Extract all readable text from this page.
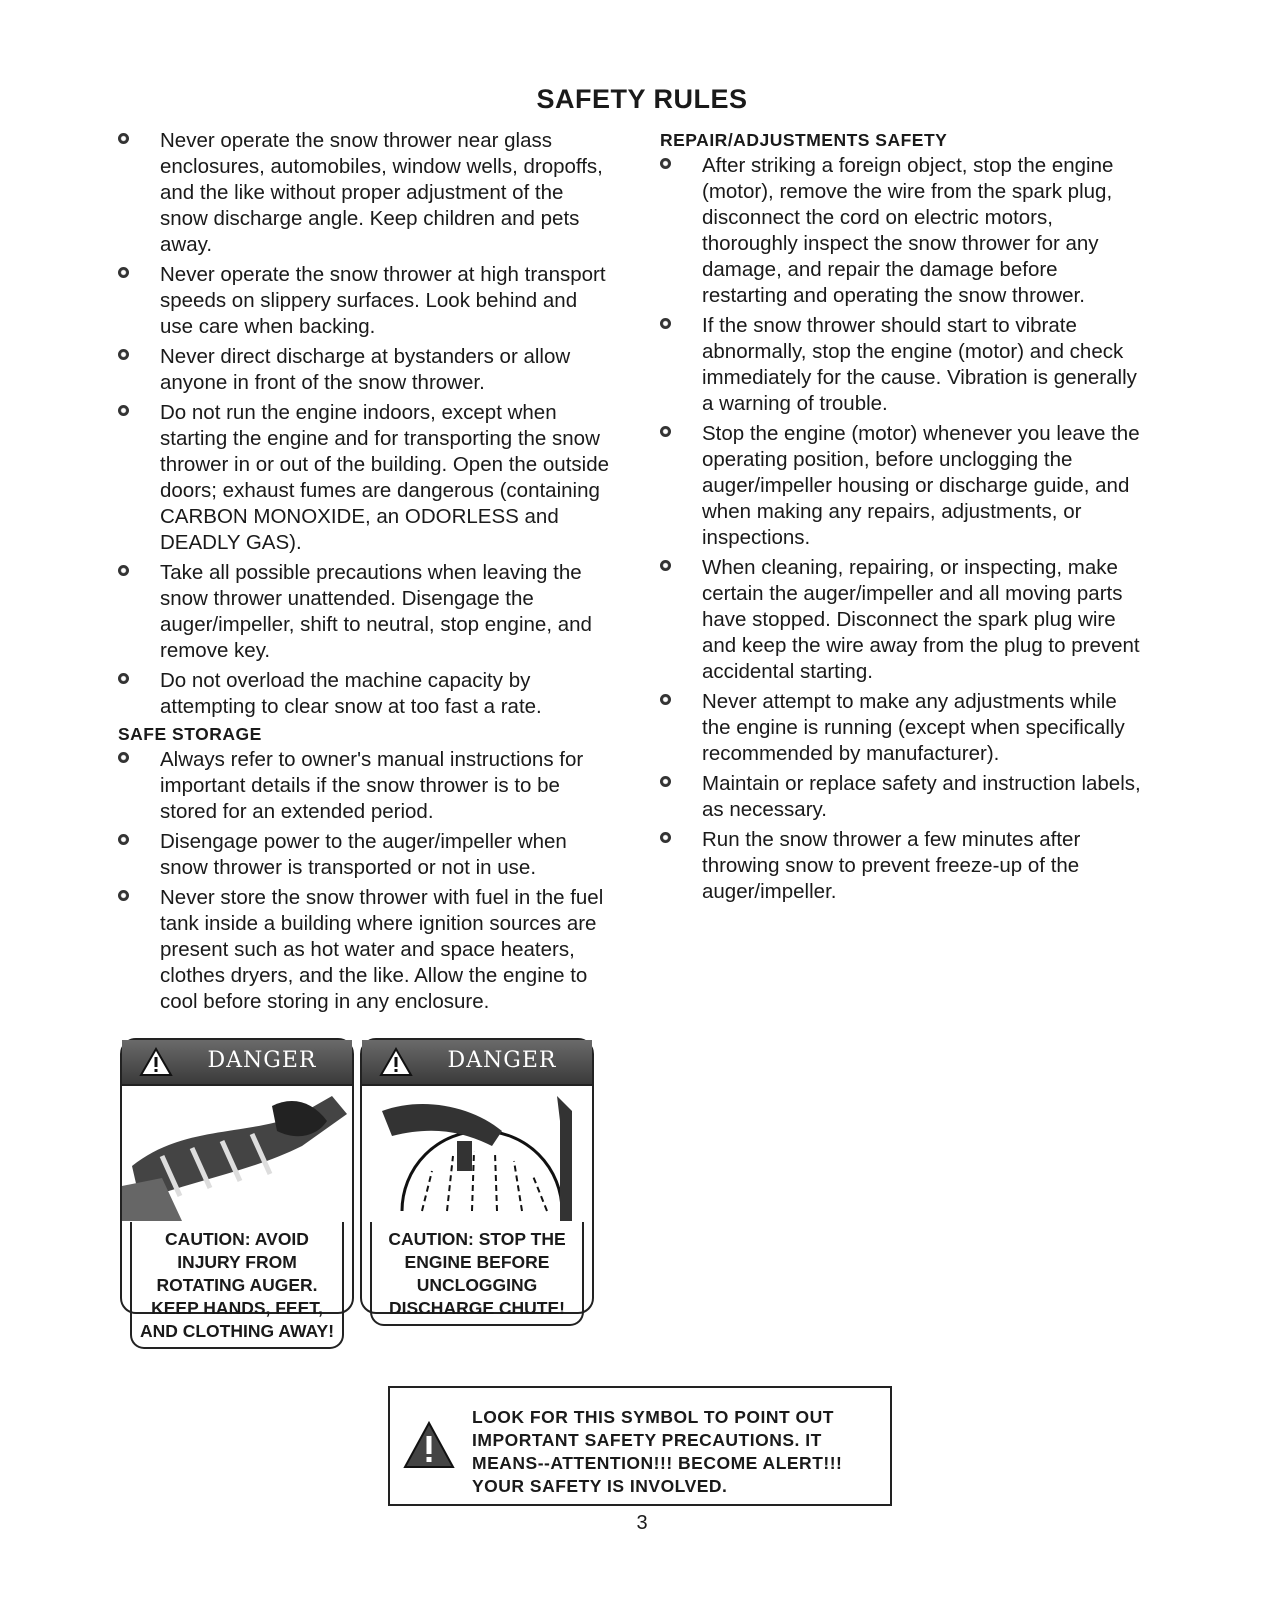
SAFETY RULES
Never operate the snow thrower near glass enclosures, automobiles, window wells, dropoffs, and the like without proper adjustment of the snow discharge angle. Keep children and pets away.
Never operate the snow thrower at high transport speeds on slippery surfaces. Look behind and use care when backing.
Never direct discharge at bystanders or allow anyone in front of the snow thrower.
Do not run the engine indoors, except when starting the engine and for transporting the snow thrower in or out of the building. Open the outside doors; exhaust fumes are dangerous (containing CARBON MONOXIDE, an ODORLESS and DEADLY GAS).
Take all possible precautions when leaving the snow thrower unattended. Disengage the auger/impeller, shift to neutral, stop engine, and remove key.
Do not overload the machine capacity by attempting to clear snow at too fast a rate.
SAFE STORAGE
Always refer to owner's manual instructions for important details if the snow thrower is to be stored for an extended period.
Disengage power to the auger/impeller when snow thrower is transported or not in use.
Never store the snow thrower with fuel in the fuel tank inside a building where ignition sources are present such as hot water and space heaters, clothes dryers, and the like. Allow the engine to cool before storing in any enclosure.
REPAIR/ADJUSTMENTS SAFETY
After striking a foreign object, stop the engine (motor), remove the wire from the spark plug, disconnect the cord on electric motors, thoroughly inspect the snow thrower for any damage, and repair the damage before restarting and operating the snow thrower.
If the snow thrower should start to vibrate abnormally, stop the engine (motor) and check immediately for the cause. Vibration is generally a warning of trouble.
Stop the engine (motor) whenever you leave the operating position, before unclogging the auger/impeller housing or discharge guide, and when making any repairs, adjustments, or inspections.
When cleaning, repairing, or inspecting, make certain the auger/impeller and all moving parts have stopped. Disconnect the spark plug wire and keep the wire away from the plug to prevent accidental starting.
Never attempt to make any adjustments while the engine is running (except when specifically recommended by manufacturer).
Maintain or replace safety and instruction labels, as necessary.
Run the snow thrower a few minutes after throwing snow to prevent freeze-up of the auger/impeller.
DANGER
CAUTION: AVOID INJURY FROM ROTATING AUGER. KEEP HANDS, FEET, AND CLOTHING AWAY!
DANGER
CAUTION: STOP THE ENGINE BEFORE UNCLOGGING DISCHARGE CHUTE!
LOOK FOR THIS SYMBOL TO POINT OUT IMPORTANT SAFETY PRECAUTIONS. IT MEANS--ATTENTION!!! BECOME ALERT!!! YOUR SAFETY IS INVOLVED.
3
